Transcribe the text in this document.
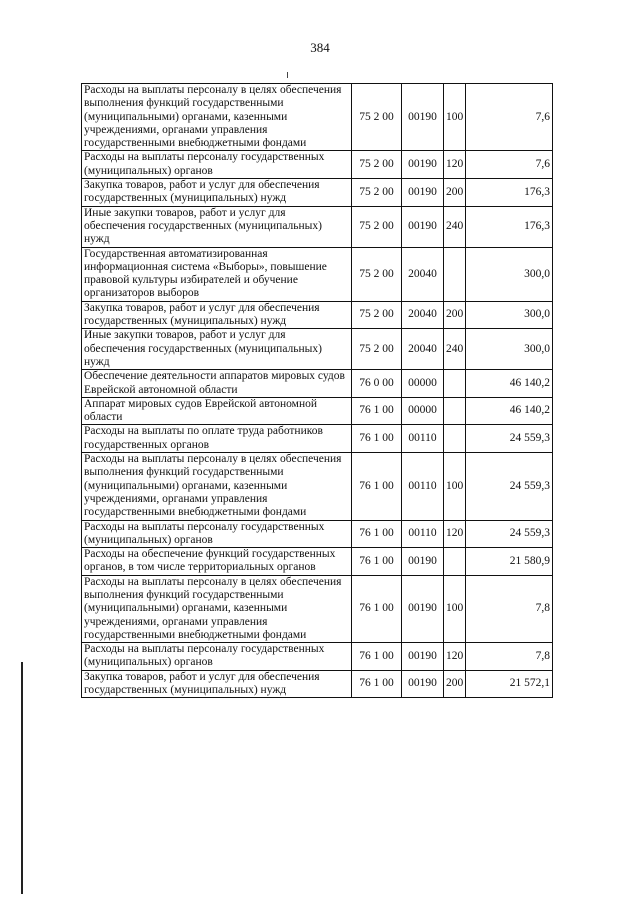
384
Расходы на выплаты персоналу в целях обеспечения выполнения функций государственными (муниципальными) органами, казенными учреждениями, органами управления государственными внебюджетными фондами	75 2 00	00190	100	7,6
Расходы на выплаты персоналу государственных (муниципальных) органов	75 2 00	00190	120	7,6
Закупка товаров, работ и услуг для обеспечения государственных (муниципальных) нужд	75 2 00	00190	200	176,3
Иные закупки товаров, работ и услуг для обеспечения государственных (муниципальных) нужд	75 2 00	00190	240	176,3
Государственная автоматизированная информационная система «Выборы», повышение правовой культуры избирателей и обучение организаторов выборов	75 2 00	20040		300,0
Закупка товаров, работ и услуг для обеспечения государственных (муниципальных) нужд	75 2 00	20040	200	300,0
Иные закупки товаров, работ и услуг для обеспечения государственных (муниципальных) нужд	75 2 00	20040	240	300,0
Обеспечение деятельности аппаратов мировых судов Еврейской автономной области	76 0 00	00000		46 140,2
Аппарат мировых судов Еврейской автономной области	76 1 00	00000		46 140,2
Расходы на выплаты по оплате труда работников государственных органов	76 1 00	00110		24 559,3
Расходы на выплаты персоналу в целях обеспечения выполнения функций государственными (муниципальными) органами, казенными учреждениями, органами управления государственными внебюджетными фондами	76 1 00	00110	100	24 559,3
Расходы на выплаты персоналу государственных (муниципальных) органов	76 1 00	00110	120	24 559,3
Расходы на обеспечение функций государственных органов, в том числе территориальных органов	76 1 00	00190		21 580,9
Расходы на выплаты персоналу в целях обеспечения выполнения функций государственными (муниципальными) органами, казенными учреждениями, органами управления государственными внебюджетными фондами	76 1 00	00190	100	7,8
Расходы на выплаты персоналу государственных (муниципальных) органов	76 1 00	00190	120	7,8
Закупка товаров, работ и услуг для обеспечения государственных (муниципальных) нужд	76 1 00	00190	200	21 572,1
